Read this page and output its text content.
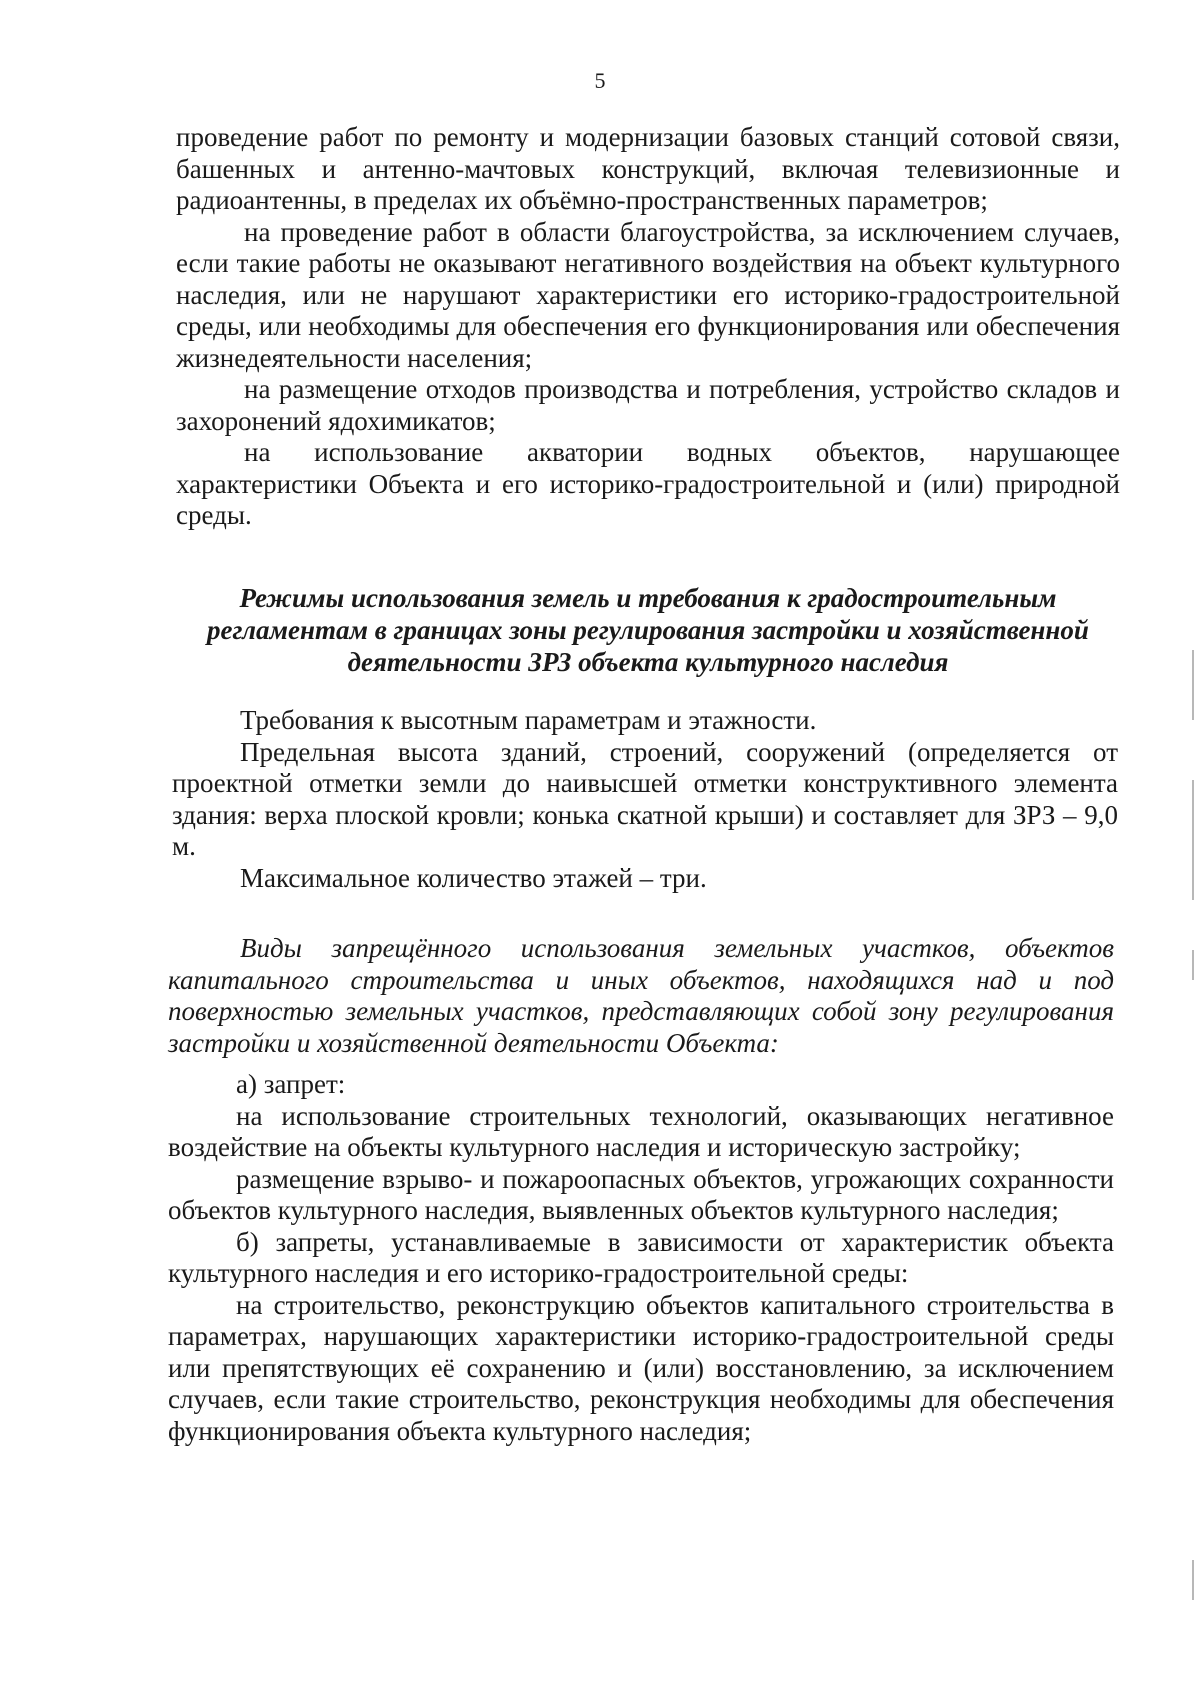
5

проведение работ по ремонту и модернизации базовых станций сотовой связи, башенных и антенно-мачтовых конструкций, включая телевизионные и радиоантенны, в пределах их объёмно-пространственных параметров;

на проведение работ в области благоустройства, за исключением случаев, если такие работы не оказывают негативного воздействия на объект культурного наследия, или не нарушают характеристики его историко-градостроительной среды, или необходимы для обеспечения его функционирования или обеспечения жизнедеятельности населения;

на размещение отходов производства и потребления, устройство складов и захоронений ядохимикатов;

на использование акватории водных объектов, нарушающее характеристики Объекта и его историко-градостроительной и (или) природной среды.

Режимы использования земель и требования к градостроительным регламентам в границах зоны регулирования застройки и хозяйственной деятельности ЗРЗ объекта культурного наследия

Требования к высотным параметрам и этажности.

Предельная высота зданий, строений, сооружений (определяется от проектной отметки земли до наивысшей отметки конструктивного элемента здания: верха плоской кровли; конька скатной крыши) и составляет для ЗРЗ – 9,0 м.

Максимальное количество этажей – три.

Виды запрещённого использования земельных участков, объектов капитального строительства и иных объектов, находящихся над и под поверхностью земельных участков, представляющих собой зону регулирования застройки и хозяйственной деятельности Объекта:

а) запрет:

на использование строительных технологий, оказывающих негативное воздействие на объекты культурного наследия и историческую застройку;

размещение взрыво- и пожароопасных объектов, угрожающих сохранности объектов культурного наследия, выявленных объектов культурного наследия;

б) запреты, устанавливаемые в зависимости от характеристик объекта культурного наследия и его историко-градостроительной среды:

на строительство, реконструкцию объектов капитального строительства в параметрах, нарушающих характеристики историко-градостроительной среды или препятствующих её сохранению и (или) восстановлению, за исключением случаев, если такие строительство, реконструкция необходимы для обеспечения функционирования объекта культурного наследия;
